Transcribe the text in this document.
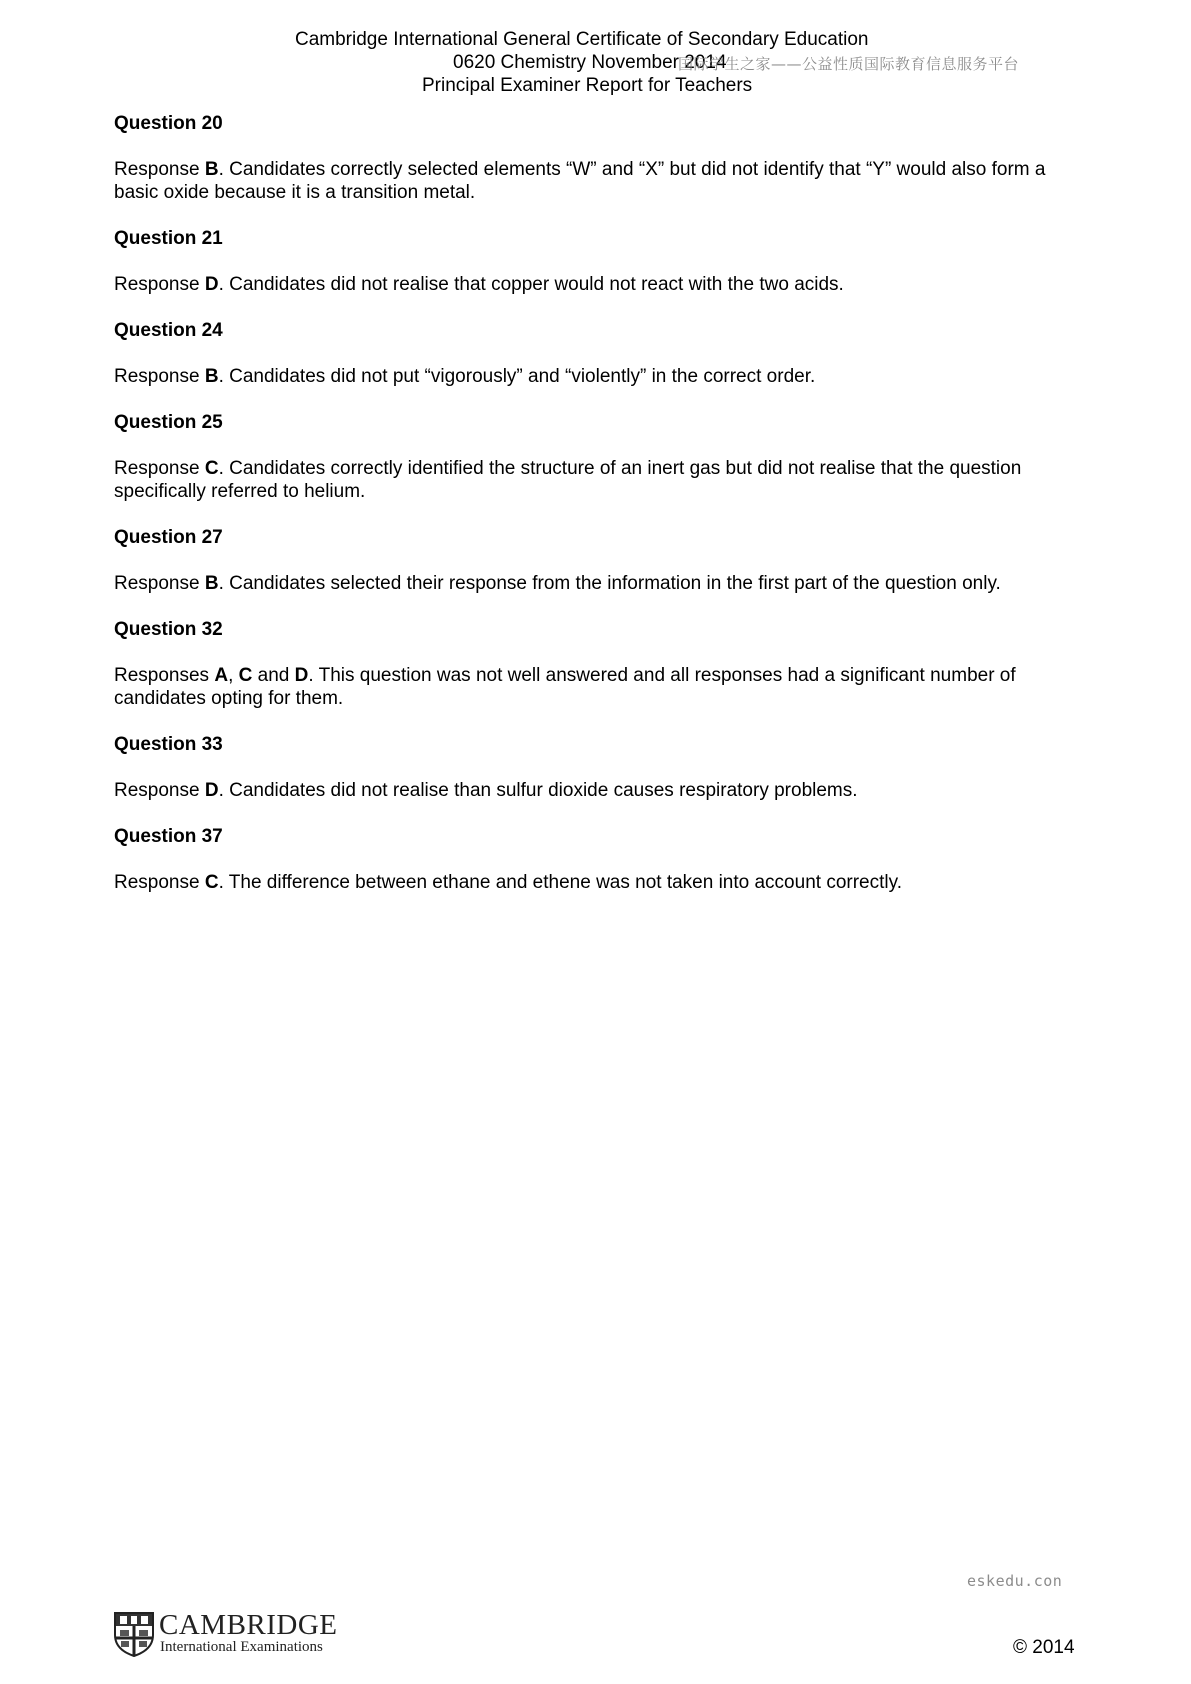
Cambridge International General Certificate of Secondary Education
0620 Chemistry November 2014
Principal Examiner Report for Teachers
国际学生之家——公益性质国际教育信息服务平台

Question 20

Response B. Candidates correctly selected elements “W” and “X” but did not identify that “Y” would also form a basic oxide because it is a transition metal.

Question 21

Response D. Candidates did not realise that copper would not react with the two acids.

Question 24

Response B. Candidates did not put “vigorously” and “violently” in the correct order.

Question 25

Response C. Candidates correctly identified the structure of an inert gas but did not realise that the question specifically referred to helium.

Question 27

Response B. Candidates selected their response from the information in the first part of the question only.

Question 32

Responses A, C and D. This question was not well answered and all responses had a significant number of candidates opting for them.

Question 33

Response D. Candidates did not realise than sulfur dioxide causes respiratory problems.

Question 37

Response C. The difference between ethane and ethene was not taken into account correctly.

eskedu.con
CAMBRIDGE
International Examinations	© 2014
